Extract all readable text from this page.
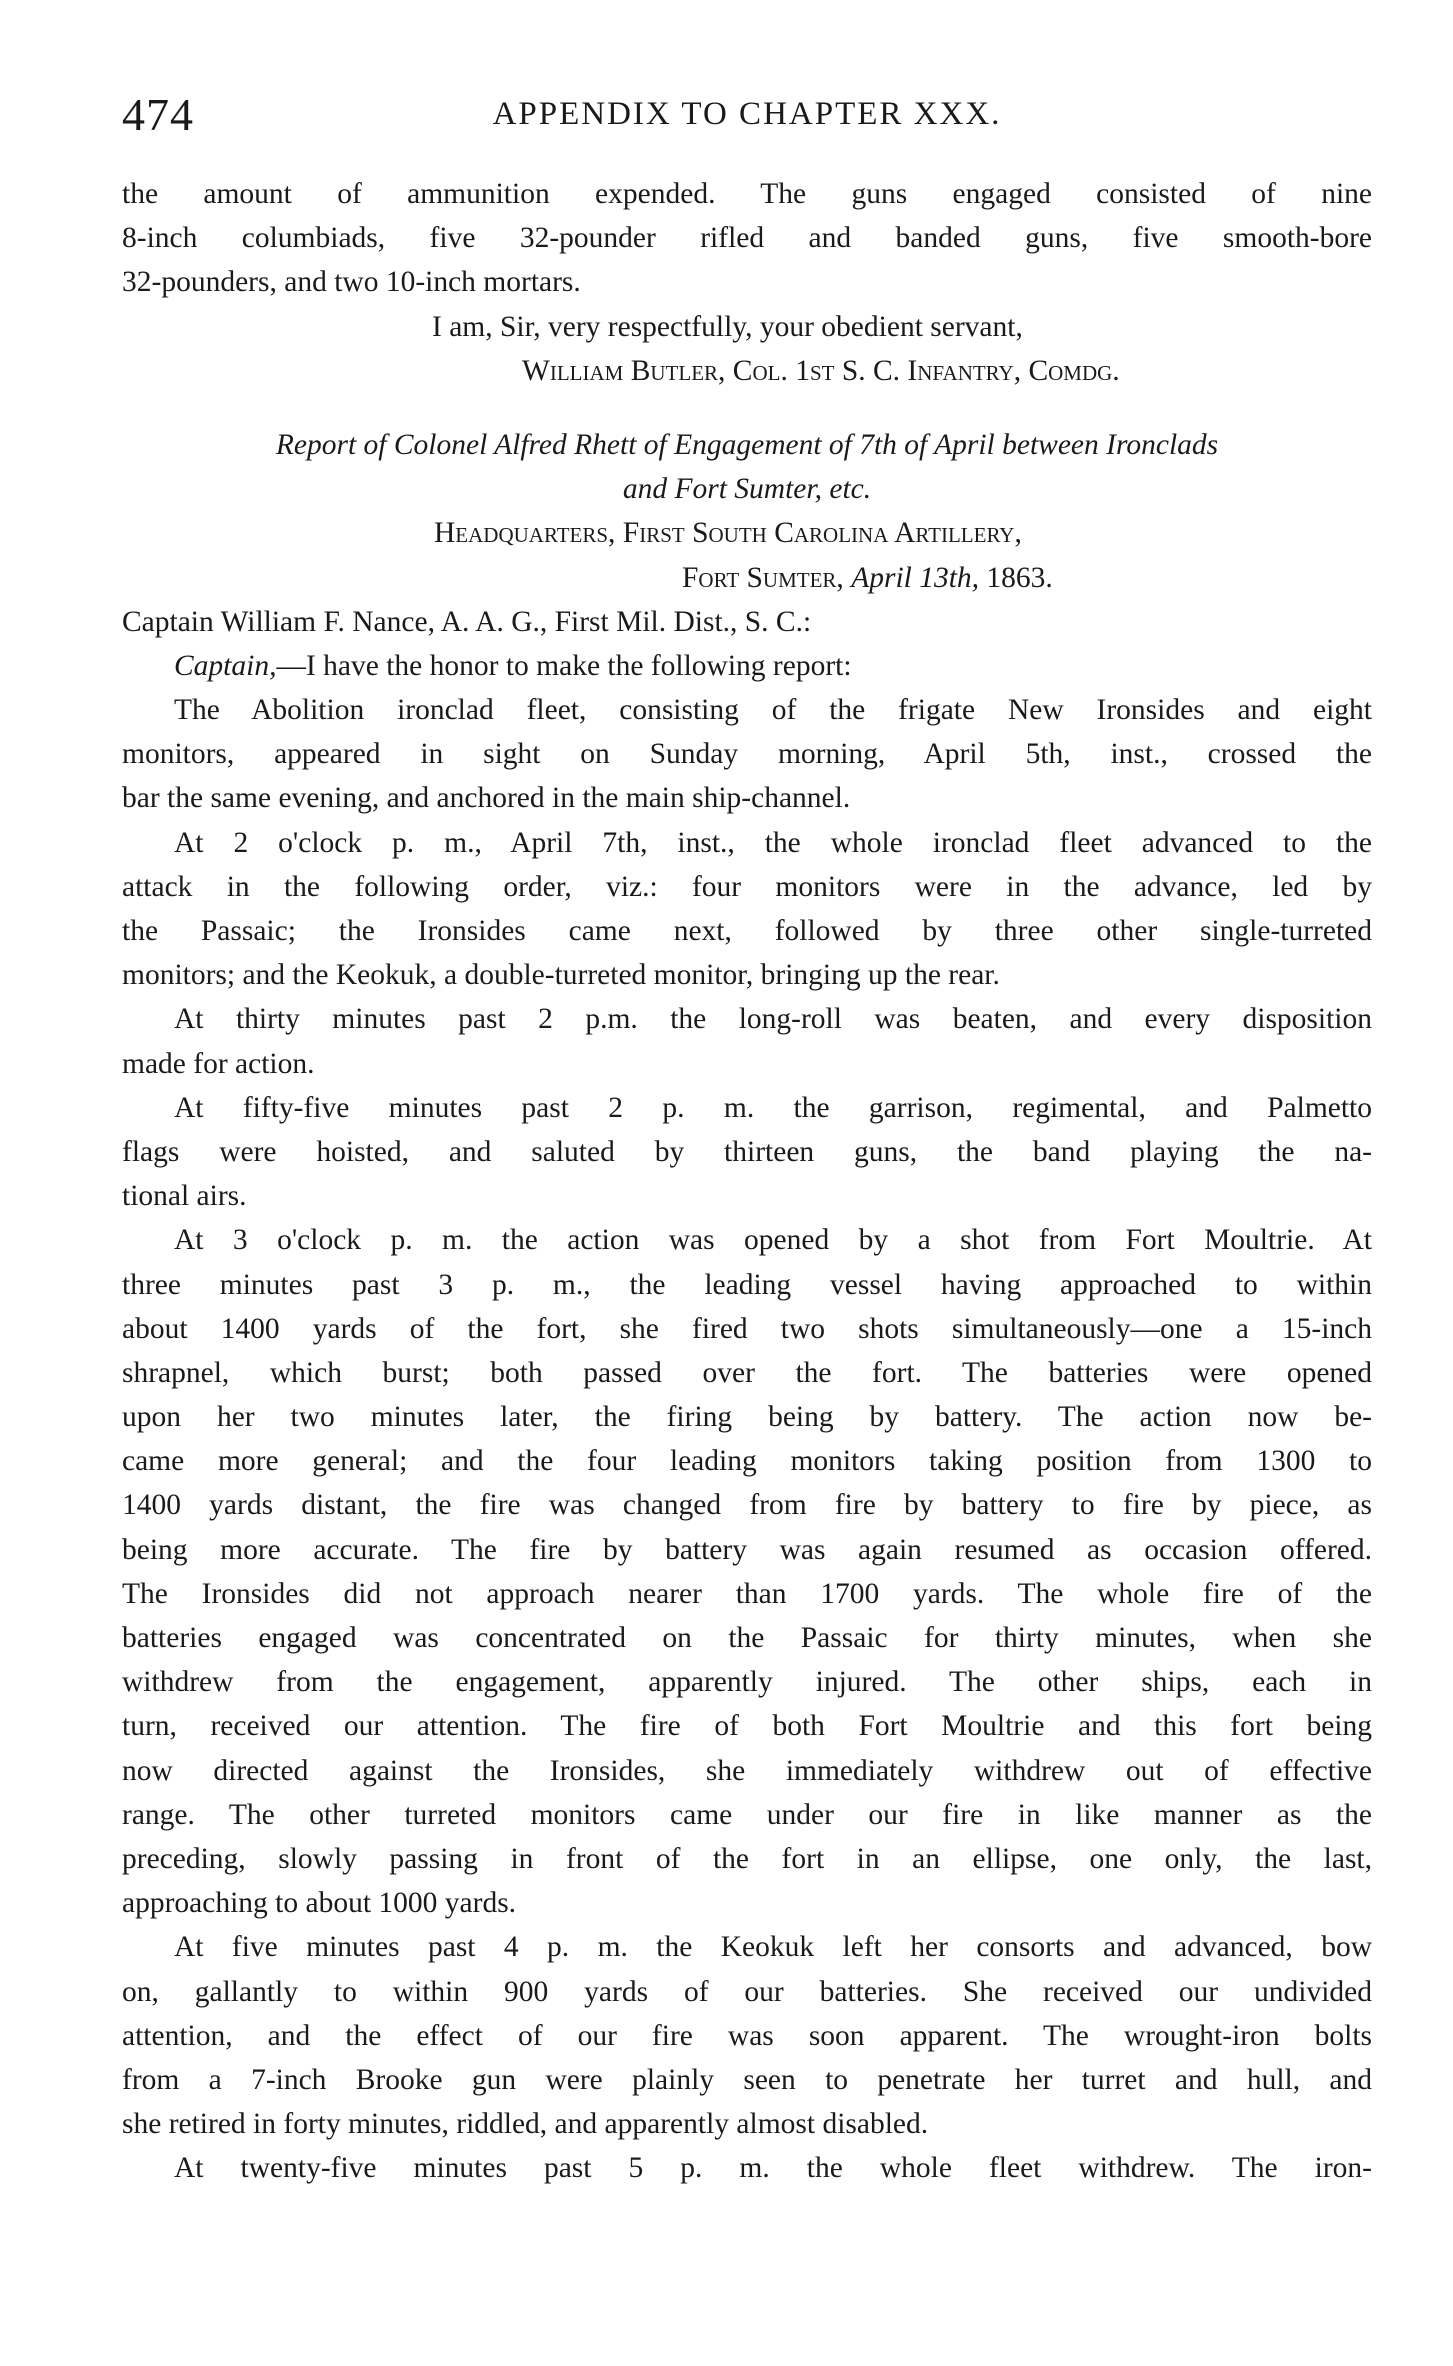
474	APPENDIX TO CHAPTER XXX.
the amount of ammunition expended. The guns engaged consisted of nine
8-inch columbiads, five 32-pounder rifled and banded guns, five smooth-bore
32-pounders, and two 10-inch mortars.
I am, Sir, very respectfully, your obedient servant,
William Butler, Col. 1st S. C. Infantry, Comdg.
Report of Colonel Alfred Rhett of Engagement of 7th of April between Ironclads
and Fort Sumter, etc.
Headquarters, First South Carolina Artillery,
Fort Sumter, April 13th, 1863.
Captain William F. Nance, A. A. G., First Mil. Dist., S. C.:
Captain,—I have the honor to make the following report:
The Abolition ironclad fleet, consisting of the frigate New Ironsides and eight
monitors, appeared in sight on Sunday morning, April 5th, inst., crossed the
bar the same evening, and anchored in the main ship-channel.
At 2 o'clock p. m., April 7th, inst., the whole ironclad fleet advanced to the
attack in the following order, viz.: four monitors were in the advance, led by
the Passaic; the Ironsides came next, followed by three other single-turreted
monitors; and the Keokuk, a double-turreted monitor, bringing up the rear.
At thirty minutes past 2 p.m. the long-roll was beaten, and every disposition
made for action.
At fifty-five minutes past 2 p. m. the garrison, regimental, and Palmetto
flags were hoisted, and saluted by thirteen guns, the band playing the na-
tional airs.
At 3 o'clock p. m. the action was opened by a shot from Fort Moultrie. At
three minutes past 3 p. m., the leading vessel having approached to within
about 1400 yards of the fort, she fired two shots simultaneously—one a 15-inch
shrapnel, which burst; both passed over the fort. The batteries were opened
upon her two minutes later, the firing being by battery. The action now be-
came more general; and the four leading monitors taking position from 1300 to
1400 yards distant, the fire was changed from fire by battery to fire by piece, as
being more accurate. The fire by battery was again resumed as occasion offered.
The Ironsides did not approach nearer than 1700 yards. The whole fire of the
batteries engaged was concentrated on the Passaic for thirty minutes, when she
withdrew from the engagement, apparently injured. The other ships, each in
turn, received our attention. The fire of both Fort Moultrie and this fort being
now directed against the Ironsides, she immediately withdrew out of effective
range. The other turreted monitors came under our fire in like manner as the
preceding, slowly passing in front of the fort in an ellipse, one only, the last,
approaching to about 1000 yards.
At five minutes past 4 p. m. the Keokuk left her consorts and advanced, bow
on, gallantly to within 900 yards of our batteries. She received our undivided
attention, and the effect of our fire was soon apparent. The wrought-iron bolts
from a 7-inch Brooke gun were plainly seen to penetrate her turret and hull, and
she retired in forty minutes, riddled, and apparently almost disabled.
At twenty-five minutes past 5 p. m. the whole fleet withdrew. The iron-
